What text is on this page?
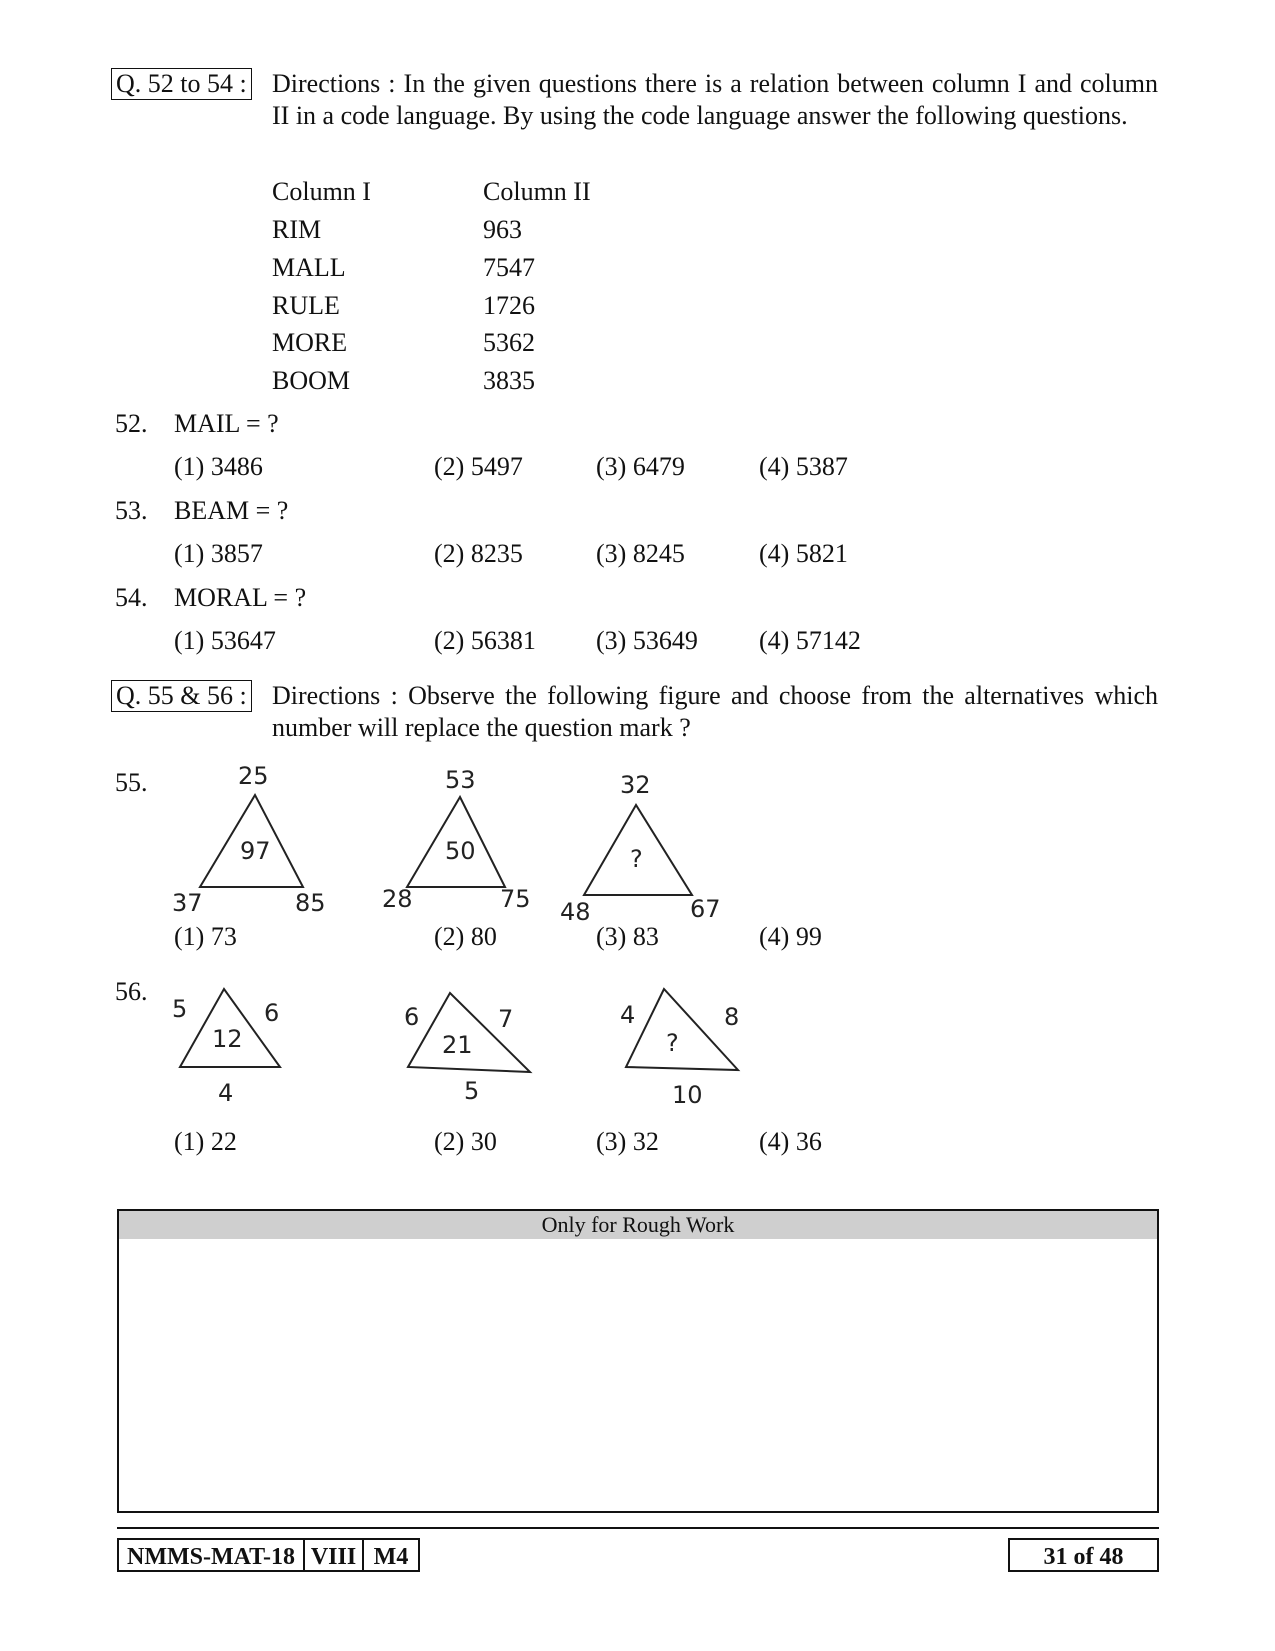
Q. 52 to 54 : Directions : In the given questions there is a relation between column I and column II in a code language. By using the code language answer the following questions.
Column I	Column II
RIM	963
MALL	7547
RULE	1726
MORE	5362
BOOM	3835
52. MAIL = ?
(1) 3486	(2) 5497	(3) 6479	(4) 5387
53. BEAM = ?
(1) 3857	(2) 8235	(3) 8245	(4) 5821
54. MORAL = ?
(1) 53647	(2) 56381 (3) 53649 (4) 57142
Q. 55 & 56 : Directions : Observe the following figure and choose from the alternatives which number will replace the question mark ?
55.	25
97
37	85
53
50
28	75
32
?
48	67
(1) 73	(2) 80	(3) 83	(4) 99
56.
5	6
12
4
6	7
21
5
4	8
?
10
(1) 22	(2) 30	(3) 32	(4) 36
Only for Rough Work
NMMS-MAT-18 VIII M4	31 of 48
